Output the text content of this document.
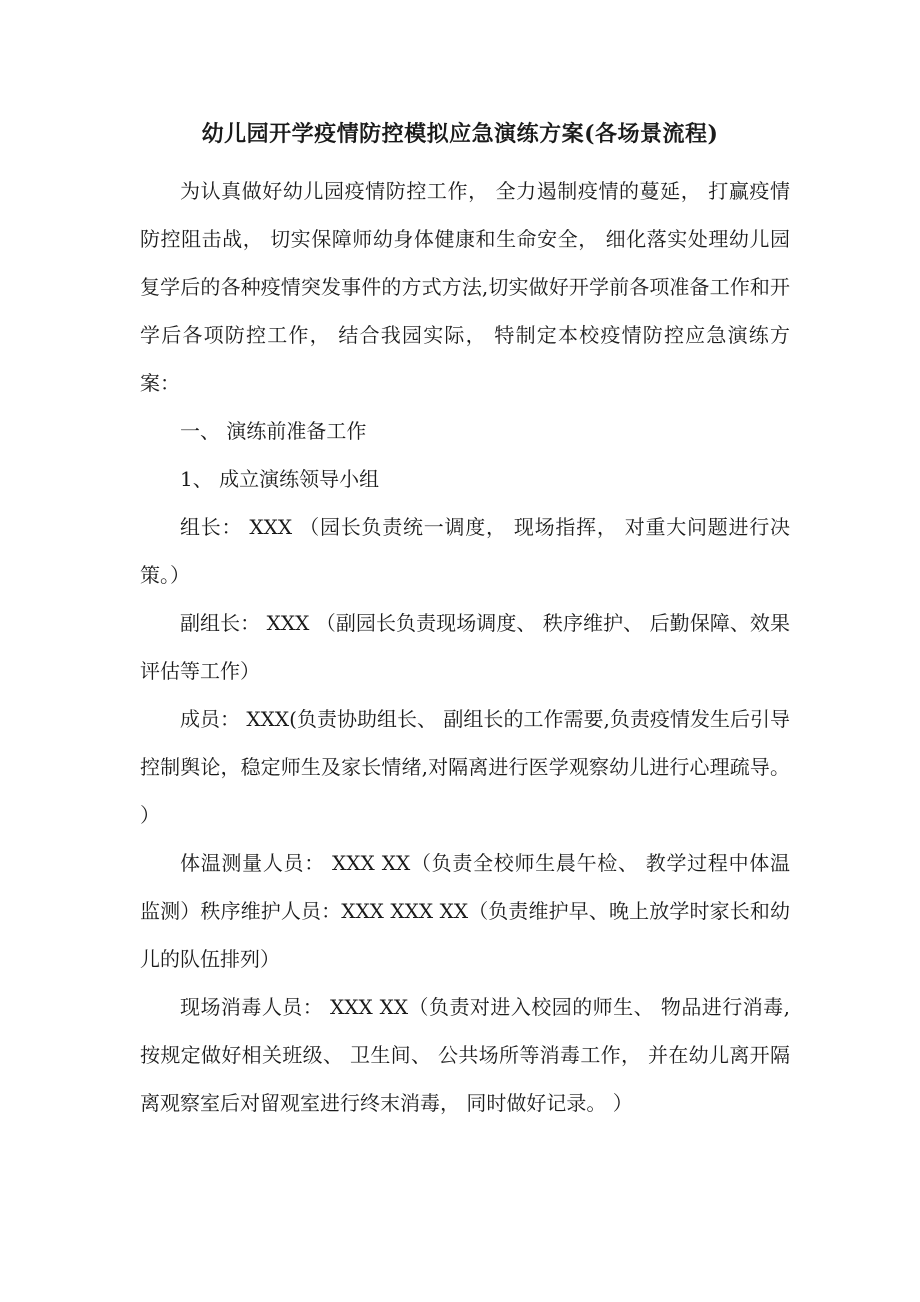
幼儿园开学疫情防控模拟应急演练方案(各场景流程)

为认真做好幼儿园疫情防控工作， 全力遏制疫情的蔓延， 打赢疫情防控阻击战， 切实保障师幼身体健康和生命安全， 细化落实处理幼儿园复学后的各种疫情突发事件的方式方法,切实做好开学前各项准备工作和开学后各项防控工作， 结合我园实际， 特制定本校疫情防控应急演练方案：

一、 演练前准备工作

1、 成立演练领导小组

组长： XXX （园长负责统一调度， 现场指挥， 对重大问题进行决策。）

副组长： XXX （副园长负责现场调度、 秩序维护、 后勤保障、效果评估等工作）

成员： XXX(负责协助组长、 副组长的工作需要,负责疫情发生后引导控制舆论，稳定师生及家长情绪,对隔离进行医学观察幼儿进行心理疏导。 ）

体温测量人员： XXX XX（负责全校师生晨午检、 教学过程中体温监测）秩序维护人员：XXX XXX XX（负责维护早、晚上放学时家长和幼儿的队伍排列）

现场消毒人员： XXX XX（负责对进入校园的师生、 物品进行消毒,按规定做好相关班级、 卫生间、 公共场所等消毒工作， 并在幼儿离开隔离观察室后对留观室进行终末消毒， 同时做好记录。 ）
